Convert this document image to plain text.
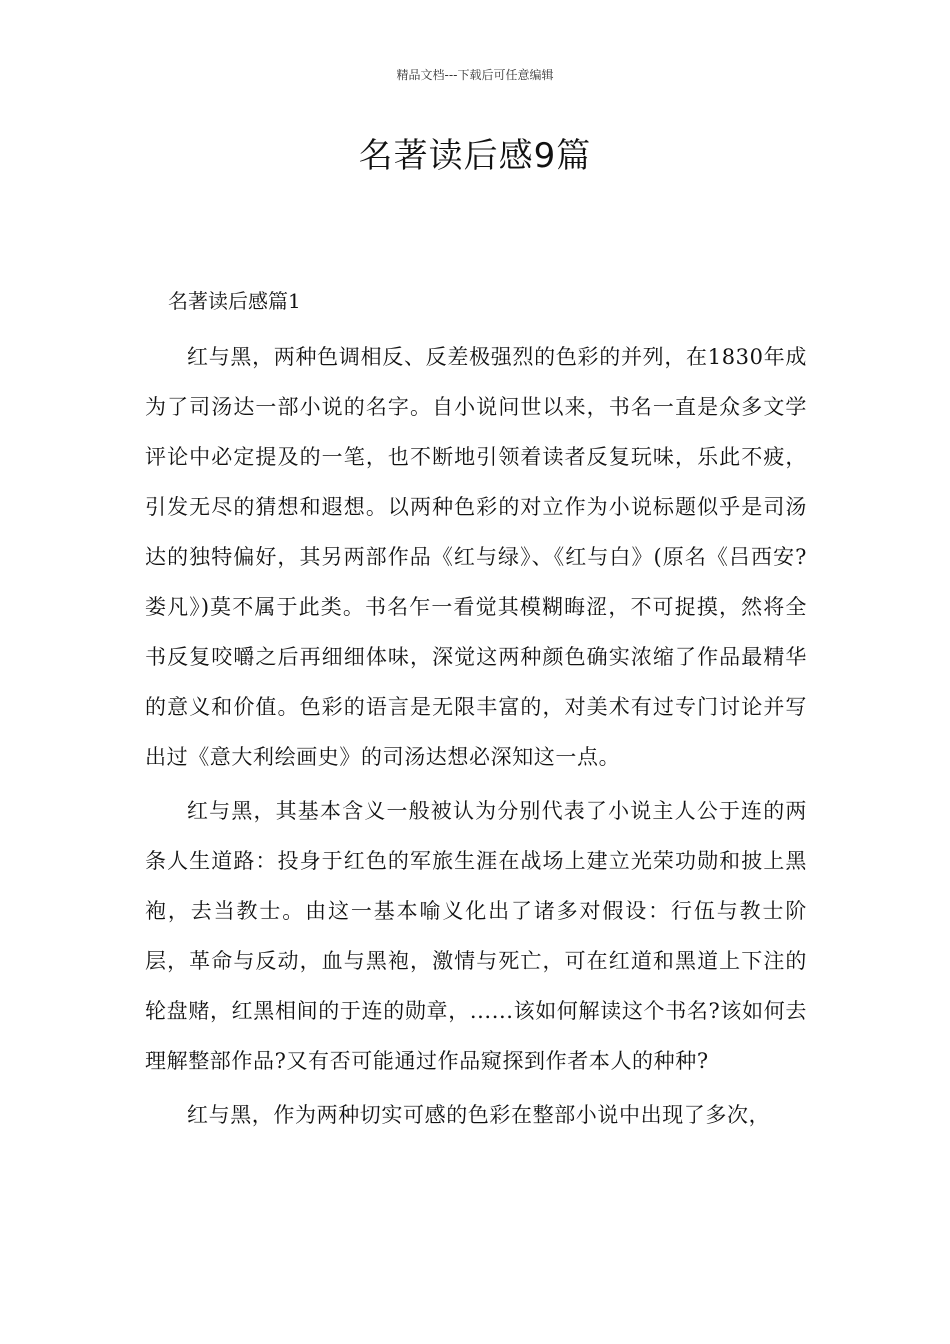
精品文档---下载后可任意编辑
名著读后感9篇
名著读后感篇1

红与黑，两种色调相反、反差极强烈的色彩的并列，在1830年成为了司汤达一部小说的名字。自小说问世以来，书名一直是众多文学评论中必定提及的一笔，也不断地引领着读者反复玩味，乐此不疲，引发无尽的猜想和遐想。以两种色彩的对立作为小说标题似乎是司汤达的独特偏好，其另两部作品《红与绿》、《红与白》(原名《吕西安?娄凡》)莫不属于此类。书名乍一看觉其模糊晦涩，不可捉摸，然将全书反复咬嚼之后再细细体味，深觉这两种颜色确实浓缩了作品最精华的意义和价值。色彩的语言是无限丰富的，对美术有过专门讨论并写出过《意大利绘画史》的司汤达想必深知这一点。

红与黑，其基本含义一般被认为分别代表了小说主人公于连的两条人生道路：投身于红色的军旅生涯在战场上建立光荣功勋和披上黑袍，去当教士。由这一基本喻义化出了诸多对假设：行伍与教士阶层，革命与反动，血与黑袍，激情与死亡，可在红道和黑道上下注的轮盘赌，红黑相间的于连的勋章，......该如何解读这个书名?该如何去理解整部作品?又有否可能通过作品窥探到作者本人的种种?

红与黑，作为两种切实可感的色彩在整部小说中出现了多次，
